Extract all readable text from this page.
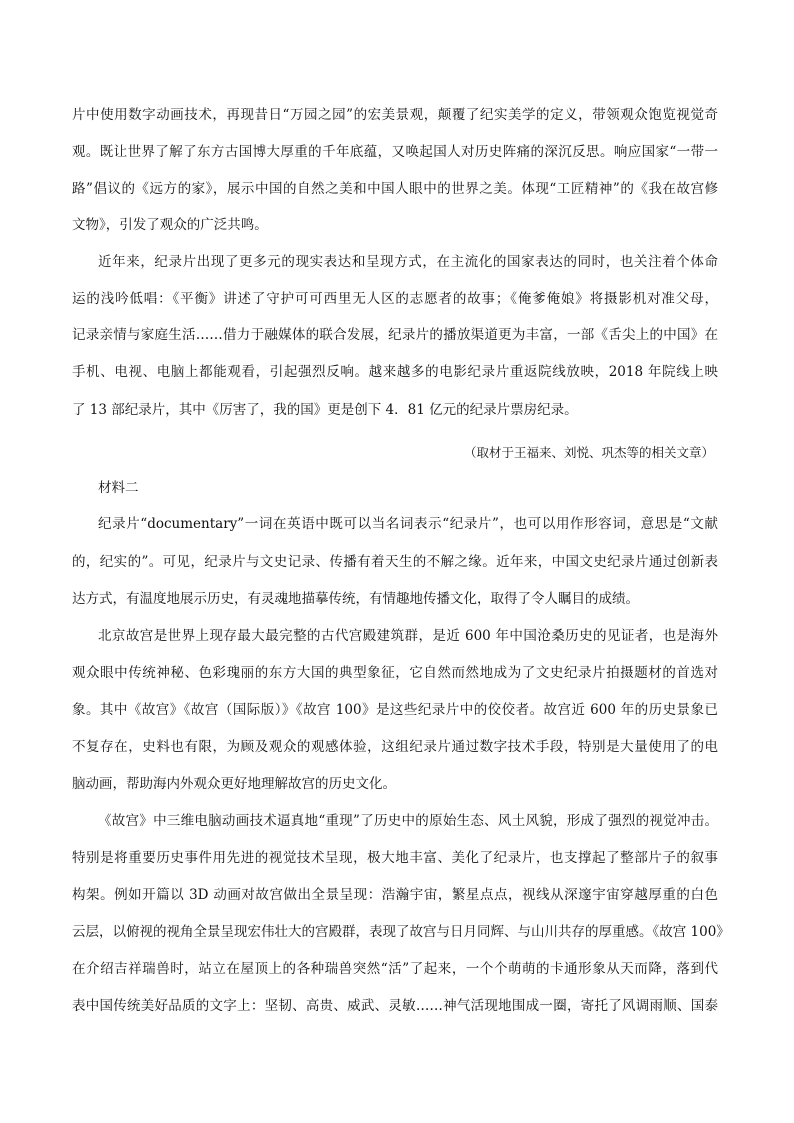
片中使用数字动画技术，再现昔日“万园之园”的宏美景观，颠覆了纪实美学的定义，带领观众饱览视觉奇
观。既让世界了解了东方古国博大厚重的千年底蕴，又唤起国人对历史阵痛的深沉反思。响应国家“一带一
路”倡议的《远方的家》，展示中国的自然之美和中国人眼中的世界之美。体现“工匠精神”的《我在故宫修
文物》，引发了观众的广泛共鸣。
近年来，纪录片出现了更多元的现实表达和呈现方式，在主流化的国家表达的同时，也关注着个体命
运的浅吟低唱：《平衡》讲述了守护可可西里无人区的志愿者的故事；《俺爹俺娘》将摄影机对准父母，
记录亲情与家庭生活……借力于融媒体的联合发展，纪录片的播放渠道更为丰富，一部《舌尖上的中国》在
手机、电视、电脑上都能观看，引起强烈反响。越来越多的电影纪录片重返院线放映，2018 年院线上映
了 13 部纪录片，其中《厉害了，我的国》更是创下 4．81 亿元的纪录片票房纪录。
（取材于王福来、刘悦、巩杰等的相关文章）
材料二
纪录片“documentary”一词在英语中既可以当名词表示“纪录片”，也可以用作形容词，意思是“文献
的，纪实的”。可见，纪录片与文史记录、传播有着天生的不解之缘。近年来，中国文史纪录片通过创新表
达方式，有温度地展示历史，有灵魂地描摹传统，有情趣地传播文化，取得了令人瞩目的成绩。
北京故宫是世界上现存最大最完整的古代宫殿建筑群，是近 600 年中国沧桑历史的见证者，也是海外
观众眼中传统神秘、色彩瑰丽的东方大国的典型象征，它自然而然地成为了文史纪录片拍摄题材的首选对
象。其中《故宫》《故宫（国际版）》《故宫 100》是这些纪录片中的佼佼者。故宫近 600 年的历史景象已
不复存在，史料也有限，为顾及观众的观感体验，这组纪录片通过数字技术手段，特别是大量使用了的电
脑动画，帮助海内外观众更好地理解故宫的历史文化。
《故宫》中三维电脑动画技术逼真地“重现”了历史中的原始生态、风土风貌，形成了强烈的视觉冲击。
特别是将重要历史事件用先进的视觉技术呈现，极大地丰富、美化了纪录片，也支撑起了整部片子的叙事
构架。例如开篇以 3D 动画对故宫做出全景呈现：浩瀚宇宙，繁星点点，视线从深邃宇宙穿越厚重的白色
云层，以俯视的视角全景呈现宏伟壮大的宫殿群，表现了故宫与日月同辉、与山川共存的厚重感。《故宫 100》
在介绍吉祥瑞兽时，站立在屋顶上的各种瑞兽突然“活”了起来，一个个萌萌的卡通形象从天而降，落到代
表中国传统美好品质的文字上：坚韧、高贵、威武、灵敏……神气活现地围成一圈，寄托了风调雨顺、国泰
